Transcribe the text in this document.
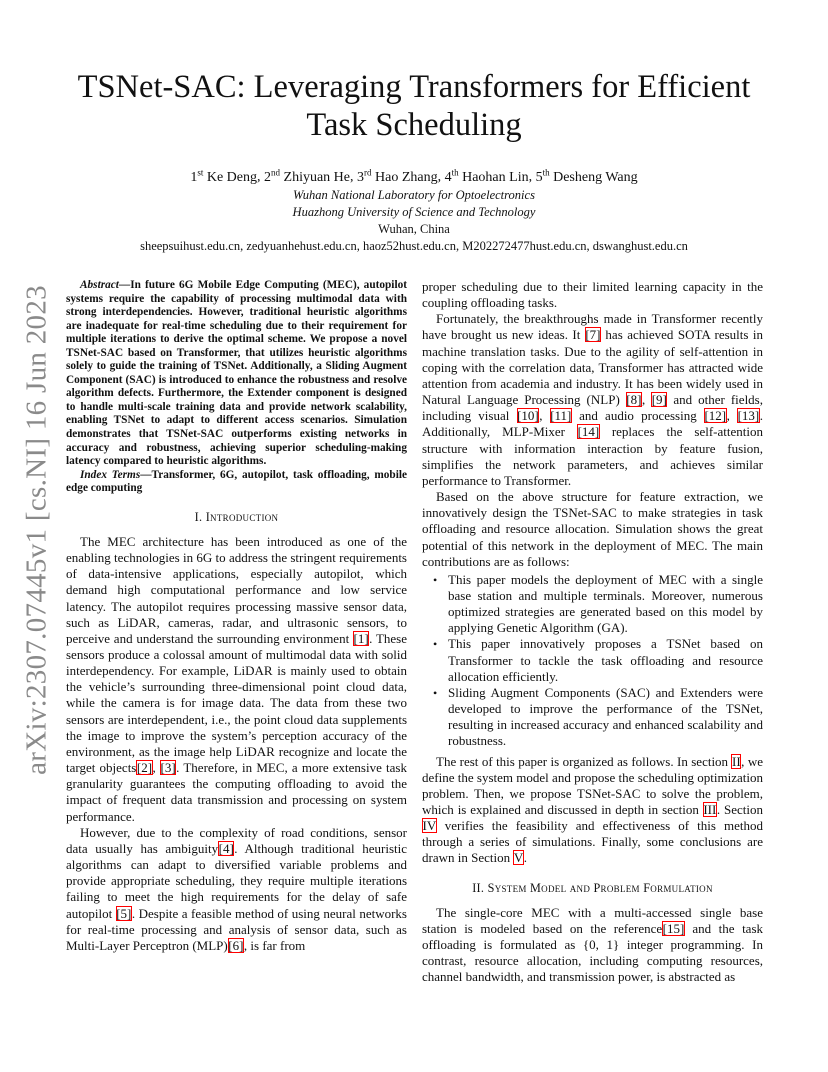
arXiv:2307.07445v1 [cs.NI] 16 Jun 2023
TSNet-SAC: Leveraging Transformers for Efficient
Task Scheduling
1st Ke Deng, 2nd Zhiyuan He, 3rd Hao Zhang, 4th Haohan Lin, 5th Desheng Wang
Wuhan National Laboratory for Optoelectronics
Huazhong University of Science and Technology
Wuhan, China
sheepsuihust.edu.cn, zedyuanhehust.edu.cn, haoz52hust.edu.cn, M202272477hust.edu.cn, dswanghust.edu.cn

Abstract—In future 6G Mobile Edge Computing (MEC), autopilot systems require the capability of processing multimodal data with strong interdependencies. However, traditional heuristic algorithms are inadequate for real-time scheduling due to their requirement for multiple iterations to derive the optimal scheme. We propose a novel TSNet-SAC based on Transformer, that utilizes heuristic algorithms solely to guide the training of TSNet. Additionally, a Sliding Augment Component (SAC) is introduced to enhance the robustness and resolve algorithm defects. Furthermore, the Extender component is designed to handle multi-scale training data and provide network scalability, enabling TSNet to adapt to different access scenarios. Simulation demonstrates that TSNet-SAC outperforms existing networks in accuracy and robustness, achieving superior scheduling-making latency compared to heuristic algorithms.

Index Terms—Transformer, 6G, autopilot, task offloading, mobile edge computing

I. Introduction

The MEC architecture has been introduced as one of the enabling technologies in 6G to address the stringent requirements of data-intensive applications, especially autopilot, which demand high computational performance and low service latency. The autopilot requires processing massive sensor data, such as LiDAR, cameras, radar, and ultrasonic sensors, to perceive and understand the surrounding environment [1]. These sensors produce a colossal amount of multimodal data with solid interdependency. For example, LiDAR is mainly used to obtain the vehicle’s surrounding three-dimensional point cloud data, while the camera is for image data. The data from these two sensors are interdependent, i.e., the point cloud data supplements the image to improve the system’s perception accuracy of the environment, as the image help LiDAR recognize and locate the target objects[2], [3]. Therefore, in MEC, a more extensive task granularity guarantees the computing offloading to avoid the impact of frequent data transmission and processing on system performance.

However, due to the complexity of road conditions, sensor data usually has ambiguity[4]. Although traditional heuristic algorithms can adapt to diversified variable problems and provide appropriate scheduling, they require multiple iterations failing to meet the high requirements for the delay of safe autopilot [5]. Despite a feasible method of using neural networks for real-time processing and analysis of sensor data, such as Multi-Layer Perceptron (MLP)[6], is far from

proper scheduling due to their limited learning capacity in the coupling offloading tasks.

Fortunately, the breakthroughs made in Transformer recently have brought us new ideas. It [7] has achieved SOTA results in machine translation tasks. Due to the agility of self-attention in coping with the correlation data, Transformer has attracted wide attention from academia and industry. It has been widely used in Natural Language Processing (NLP) [8], [9] and other fields, including visual [10], [11] and audio processing [12], [13]. Additionally, MLP-Mixer [14] replaces the self-attention structure with information interaction by feature fusion, simplifies the network parameters, and achieves similar performance to Transformer.

Based on the above structure for feature extraction, we innovatively design the TSNet-SAC to make strategies in task offloading and resource allocation. Simulation shows the great potential of this network in the deployment of MEC. The main contributions are as follows:

• This paper models the deployment of MEC with a single base station and multiple terminals. Moreover, numerous optimized strategies are generated based on this model by applying Genetic Algorithm (GA).
• This paper innovatively proposes a TSNet based on Transformer to tackle the task offloading and resource allocation efficiently.
• Sliding Augment Components (SAC) and Extenders were developed to improve the performance of the TSNet, resulting in increased accuracy and enhanced scalability and robustness.

The rest of this paper is organized as follows. In section II, we define the system model and propose the scheduling optimization problem. Then, we propose TSNet-SAC to solve the problem, which is explained and discussed in depth in section III. Section IV verifies the feasibility and effectiveness of this method through a series of simulations. Finally, some conclusions are drawn in Section V.

II. System Model and Problem Formulation

The single-core MEC with a multi-accessed single base station is modeled based on the reference[15] and the task offloading is formulated as {0, 1} integer programming. In contrast, resource allocation, including computing resources, channel bandwidth, and transmission power, is abstracted as
